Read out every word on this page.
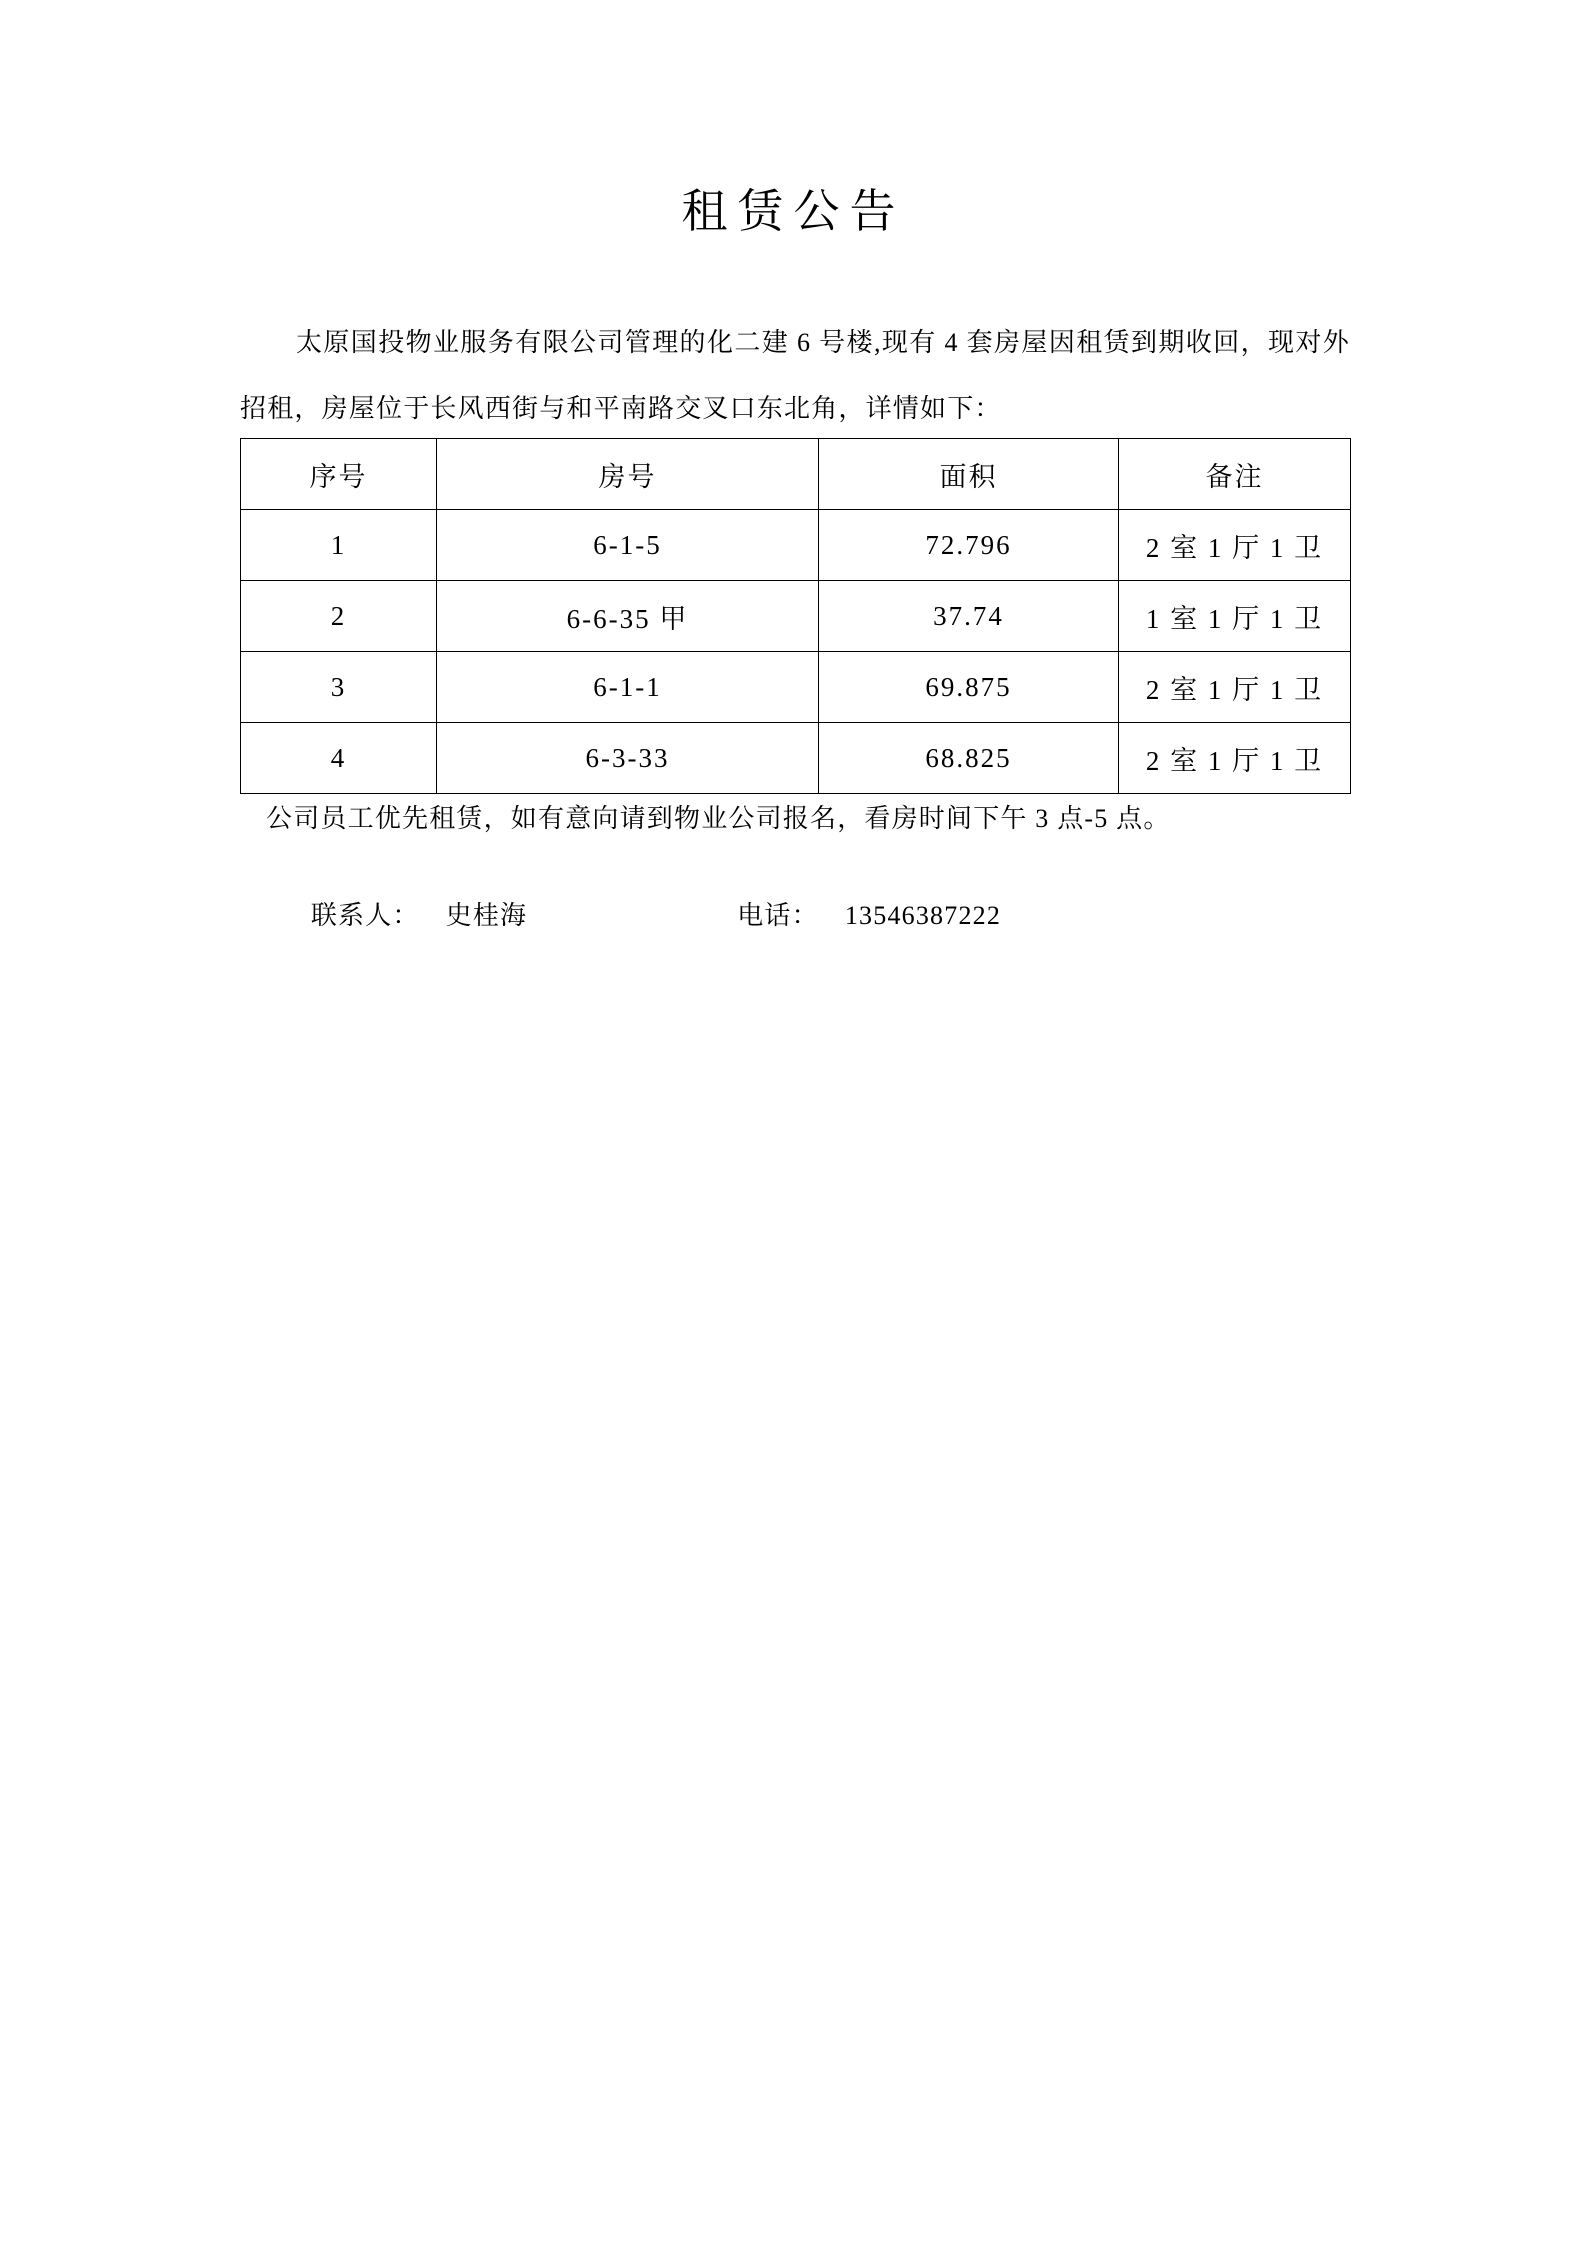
租赁公告
太原国投物业服务有限公司管理的化二建 6 号楼,现有 4 套房屋因租赁到期收回，现对外招租，房屋位于长风西街与和平南路交叉口东北角，详情如下：
序号	房号	面积	备注
1	6-1-5	72.796	2 室 1 厅 1 卫
2	6-6-35 甲	37.74	1 室 1 厅 1 卫
3	6-1-1	69.875	2 室 1 厅 1 卫
4	6-3-33	68.825	2 室 1 厅 1 卫
公司员工优先租赁，如有意向请到物业公司报名，看房时间下午 3 点-5 点。

联系人： 史桂海	电话： 13546387222
